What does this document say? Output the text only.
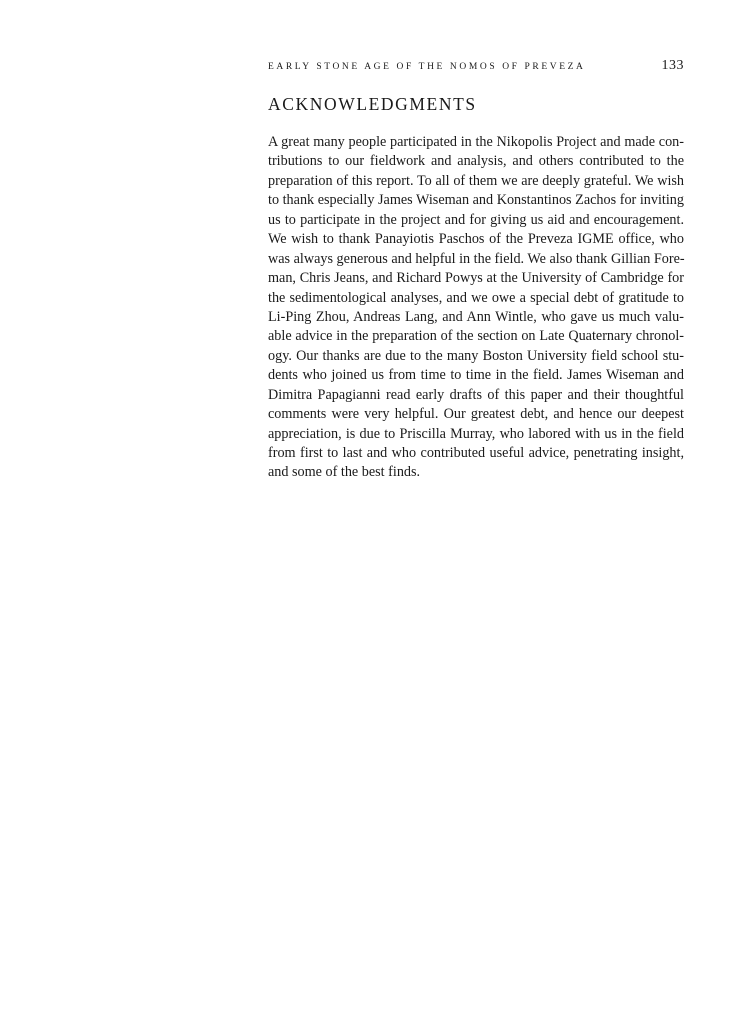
EARLY STONE AGE OF THE NOMOS OF PREVEZA	133
ACKNOWLEDGMENTS

A great many people participated in the Nikopolis Project and made con-
tributions to our fieldwork and analysis, and others contributed to the
preparation of this report. To all of them we are deeply grateful. We wish
to thank especially James Wiseman and Konstantinos Zachos for inviting
us to participate in the project and for giving us aid and encouragement.
We wish to thank Panayiotis Paschos of the Preveza IGME office, who
was always generous and helpful in the field. We also thank Gillian Fore-
man, Chris Jeans, and Richard Powys at the University of Cambridge for
the sedimentological analyses, and we owe a special debt of gratitude to
Li-Ping Zhou, Andreas Lang, and Ann Wintle, who gave us much valu-
able advice in the preparation of the section on Late Quaternary chronol-
ogy. Our thanks are due to the many Boston University field school stu-
dents who joined us from time to time in the field. James Wiseman and
Dimitra Papagianni read early drafts of this paper and their thoughtful
comments were very helpful. Our greatest debt, and hence our deepest
appreciation, is due to Priscilla Murray, who labored with us in the field
from first to last and who contributed useful advice, penetrating insight,
and some of the best finds.
